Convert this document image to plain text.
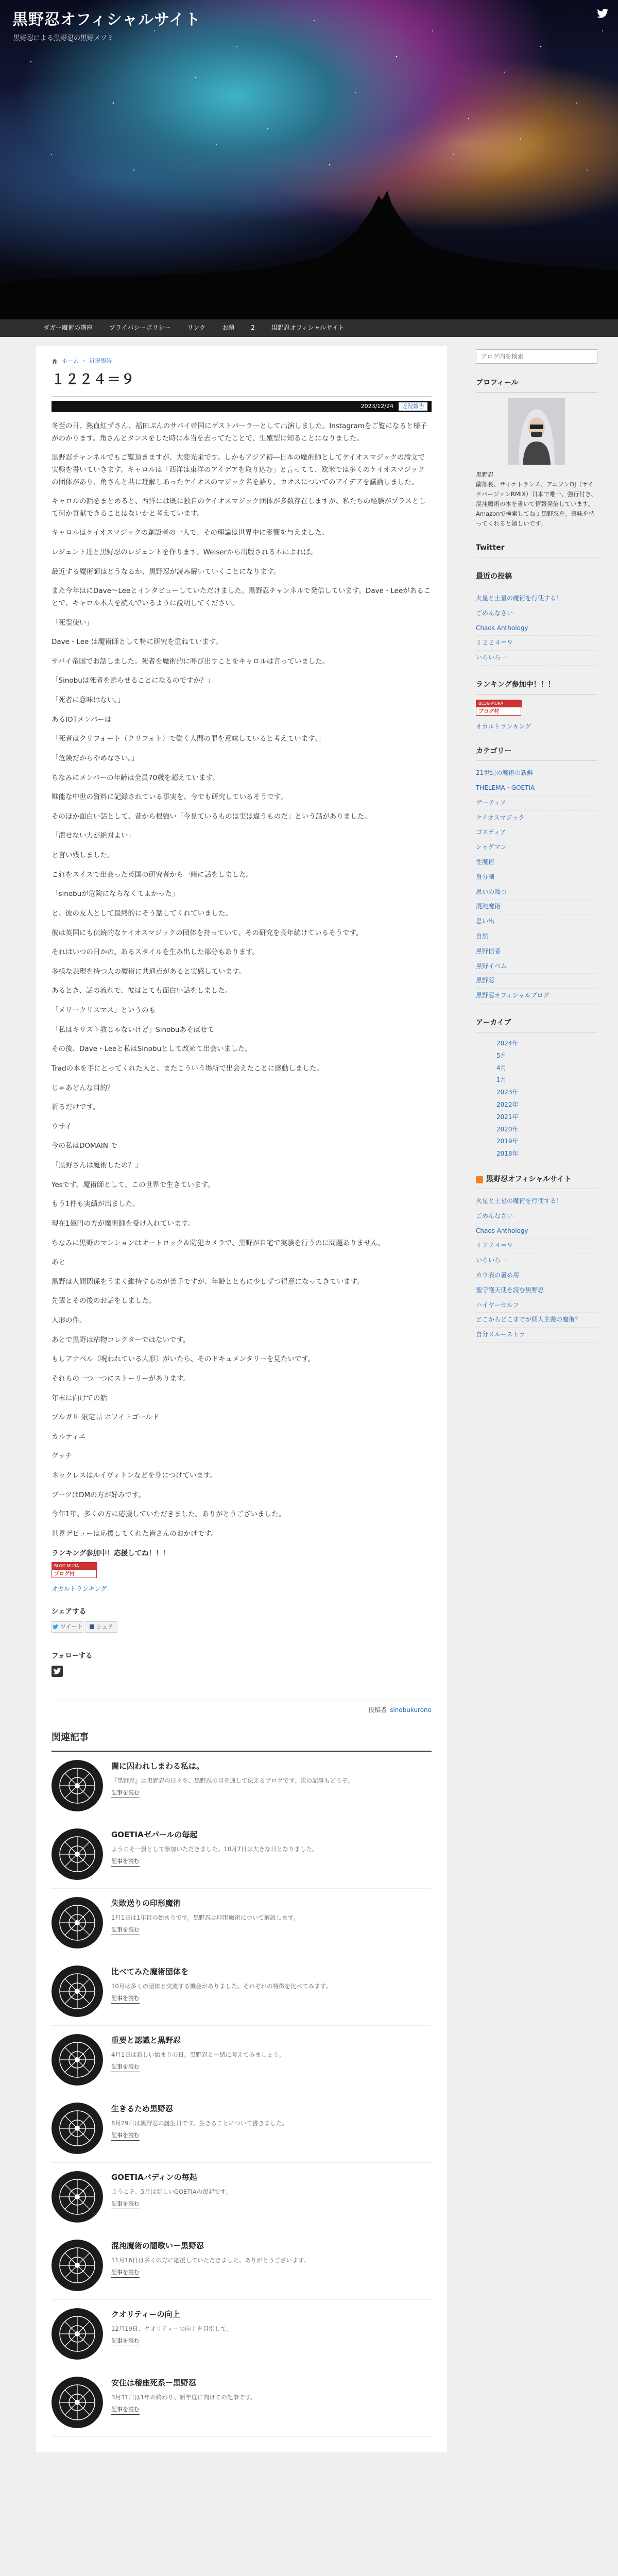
黒野忍オフィシャルサイト
黒野忍による黒野忍の黒野メソミ
ダガー魔術の講座	プライバシーポリシー	リンク	お題	2	黒野忍オフィシャルサイト
ホーム › 近況報告
１２２４＝９
2023/12/24	近況報告

冬至の日、熱血紅ずさん、福田ぶんのサバイ帝国にゲストパーラーとして出演しました。Instagramをご覧になると様子がわかります。角さんとタンスをした時に本当を去ってたことで、生殖型に知ることになりました。

黒野忍チャンネルでもご覧頂きますが、大変光栄です。しかもアジア初―日本の魔術師としてケイオスマジックの論文で実験を書いていきます。キャロルは「西洋は東洋のアイデアを取り込む」と言ってて、欧米では多くのケイオスマジックの団体があり、角さんと共に理解しあったケイオスのマジック名を語り、カオスについてのアイデアを議論しました。

キャロルの話をまとめると、西洋には既に独自のケイオスマジック団体が多数存在しますが、私たちの経験がプラスとして何か貢献できることはないかと考えています。

キャロルはケイオスマジックの創設者の一人で、その理論は世界中に影響を与えました。

レジェント達と黒野忍のレジェントを作ります。Weiserから出版される本によれば。

最近する魔術師はどうなるか、黒野忍が読み解いていくことになります。

また今年はにDave～Leeとインタビューしていただけました。黒野忍チャンネルで発信しています。Dave・Leeがあることで、キャロル本人を読んでいるように説明してください。

「死霊使い」

Dave・Lee は魔術師として特に研究を重ねています。

サバイ帝国でお話しました。死者を魔術的に呼び出すことをキャロルは言っていました。

「Sinobuは死者を甦らせることになるのですか？」

「死者に意味はない。」

あるIOTメンバーは

「死者はクリフォート（クリフォト）で働く人間の罪を意味していると考えています。」

「危険だからやめなさい。」

ちなみにメンバーの年齢は全員70歳を超えています。

唯能な中世の資料に記録されている事実を、今でも研究しているそうです。

そのほか面白い話として、昔から根強い「今見ているものは実は違うものだ」という話がありました。

「潰せない力が絶対よい」

と言い残しました。

これをスイスで出会った英国の研究者から一緒に話をしました。

「sinobuが危険にならなくてよかった」

と、彼の友人として最終的にそう話してくれていました。

彼は英国にも伝統的なケイオスマジックの団体を持っていて、その研究を長年続けているそうです。

それはいつの日かの、あるスタイルを生み出した部分もあります。

多様な表現を持つ人の魔術に共通点があると実感しています。

あるとき、話の流れで、彼はとても面白い話をしました。

「メリークリスマス」というのも

「私はキリスト教じゃないけど」Sinobuあそばせて

その後、Dave・Leeと私はSinobuとして改めて出会いました。

Tradの本を手にとってくれた人と、またこういう場所で出会えたことに感動しました。

じゃあどんな目的？

祈るだけです。

ウサイ

今の私はDOMAIN で

「黒野さんは魔術したの？」

Yesです。魔術師として、この世界で生きています。

もう1件も実績が出ました。

現在1億円の方が魔術師を受け入れています。

ちなみに黒野のマンションはオートロック＆防犯カメラで、黒野が自宅で実験を行うのに問題ありません。

あと

黒野は人間関係をうまく維持するのが苦手ですが、年齢とともに少しずつ得意になってきています。

先輩とその後のお話をしました。

人形の件。

あとで黒野は粘物コレクターではないです。

もしアナベル（呪われている人形）がいたら、そのドキュメンタリーを見たいです。

それらの一つ一つにストーリーがあります。

年末に向けての話

ブルガリ 限定品 ホワイトゴールド

カルティエ

グッチ

ネックレスはルイヴィトンなどを身につけています。

ブーツはDMの方が好みです。

今年1年、多くの方に応援していただきました。ありがとうございました。

世界デビューは応援してくれた皆さんのおかげです。

ランキング参加中！応援してね！！！
BLOG MURA
ブログ村
オカルトランキング
シェアする
ツイート シェア
フォローする
投稿者 sinobukurono
関連記事
闇に囚われしまわる私は。
『黒野忍』は黒野忍の日々を、黒野忍の目を通して伝えるブログです。次の記事もどうぞ。
記事を読む
GOETIAゼパールの毎起
ようこそ一員として参加いただきました。10月7日は大きな日となりました。
記事を読む
失敗送りの印形魔術
1月1日は1年目の始まりです。黒野忍は印形魔術について解説します。
記事を読む
比べてみた魔術団体を
10月は多くの団体と交流する機会がありました。それぞれの特徴を比べてみます。
記事を読む
重要と認識と黒野忍
4月1日は新しい始まりの日。黒野忍と一緒に考えてみましょう。
記事を読む
生きるため黒野忍
8月29日は黒野忍の誕生日です。生きることについて書きました。
記事を読む
GOETIAバディンの毎起
ようこそ、5月は新しいGOETIAの毎起です。
記事を読む
混沌魔術の闇歌い－黒野忍
11月16日は多くの方に応援していただきました。ありがとうございます。
記事を読む
クオリティーの向上
12月19日、クオリティーの向上を目指して。
記事を読む
安住は稽座死系－黒野忍
3月31日は1年の終わり、新年度に向けての記事です。
記事を読む
ブログ内を検索
プロフィール
黒野忍
蘭部長、サイケトランス、アニソンDJ（サイケバージョンRMIX）日本で唯一、強行付き、混沌魔術の本を書いて情報発信しています。Amazonで検索してねぇ黒野忍を。興味を持ってくれると嬉しいです。
Twitter
最近の投稿
火星と土星の魔術を行使する！
ごめんなさい
Chaos Anthology
１２２４＝９
いろいろ一
ランキング参加中！！！
BLOG MURA
ブログ村
オカルトランキング
カテゴリー
21世紀の魔術の新鮮
THELEMA・GOETIA
ゲーティア
ケイオスマジック
ゴスティア
シャゲマン
性魔術
身分制
思いの幾つ
混沌魔術
思い出
自然
黒野信者
黒野イベム
黒野忍
黒野忍オフィシャルブログ
アーカイブ
2024年
5月
4月
1月
2023年
2022年
2021年
2020年
2019年
2018年
黒野忍オフィシャルサイト
火星と土星の魔術を行使する！
ごめんなさい
Chaos Anthology
１２２４＝９
いろいろ一
カウ表の暑め用
聖守護天使を読む黒野忍
ハイヤーセルフ
どこからどこまでが個人主義の魔術？
自分メルーストラ
